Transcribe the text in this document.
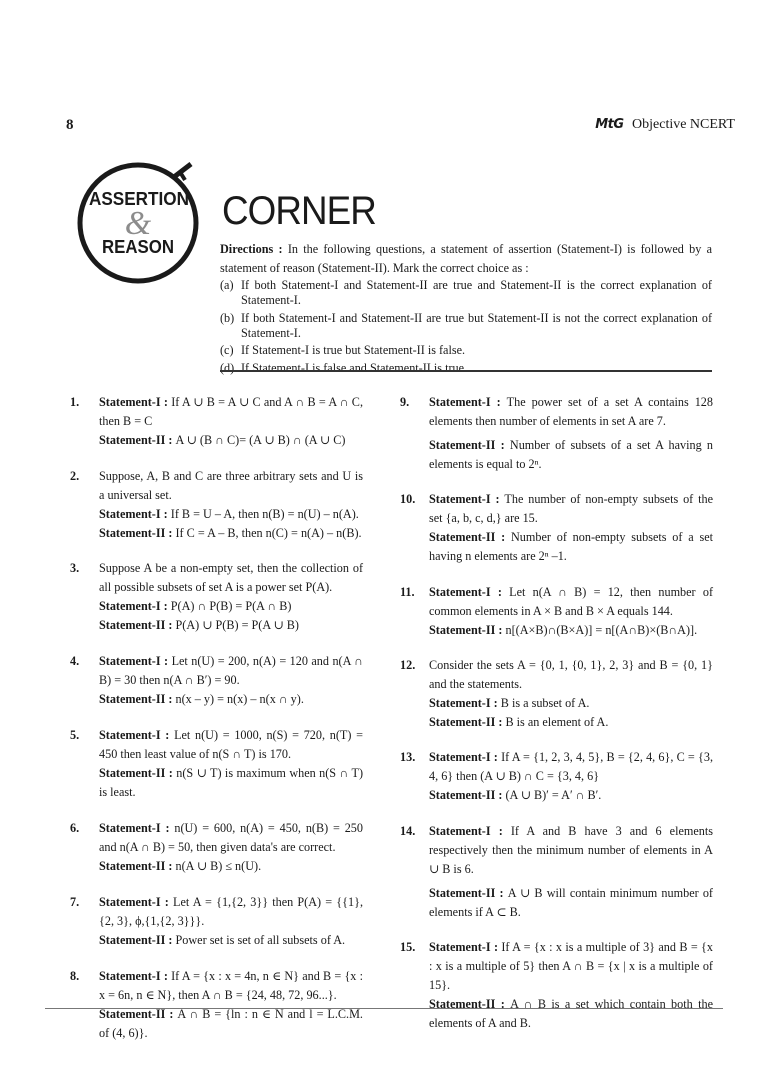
8	MtG Objective NCERT
ASSERTION
&
REASON
CORNER
Directions : In the following questions, a statement of assertion (Statement-I) is followed by a statement of reason (Statement-II). Mark the correct choice as :
(a) If both Statement-I and Statement-II are true and Statement-II is the correct explanation of Statement-I.
(b) If both Statement-I and Statement-II are true but Statement-II is not the correct explanation of Statement-I.
(c) If Statement-I is true but Statement-II is false.
(d) If Statement-I is false and Statement-II is true.
1.	Statement-I : If A ∪ B = A ∪ C and A ∩ B = A ∩ C, then B = C
Statement-II : A ∪ (B ∩ C)= (A ∪ B) ∩ (A ∪ C)
2.	Suppose, A, B and C are three arbitrary sets and U is a universal set.
Statement-I : If B = U – A, then n(B) = n(U) – n(A).
Statement-II : If C = A – B, then n(C) = n(A) – n(B).
3.	Suppose A be a non-empty set, then the collection of all possible subsets of set A is a power set P(A).
Statement-I : P(A) ∩ P(B) = P(A ∩ B)
Statement-II : P(A) ∪ P(B) = P(A ∪ B)
4.	Statement-I : Let n(U) = 200, n(A) = 120 and n(A ∩ B) = 30 then n(A ∩ B′) = 90.
Statement-II : n(x – y) = n(x) – n(x ∩ y).
5.	Statement-I : Let n(U) = 1000, n(S) = 720, n(T) = 450 then least value of n(S ∩ T) is 170.
Statement-II : n(S ∪ T) is maximum when n(S ∩ T) is least.
6.	Statement-I : n(U) = 600, n(A) = 450, n(B) = 250 and n(A ∩ B) = 50, then given data's are correct.
Statement-II : n(A ∪ B) ≤ n(U).
7.	Statement-I : Let A = {1,{2, 3}} then P(A) = {{1}, {2, 3}, ϕ,{1,{2, 3}}}.
Statement-II : Power set is set of all subsets of A.
8.	Statement-I : If A = {x : x = 4n, n ∈ N} and B = {x : x = 6n, n ∈ N}, then A ∩ B = {24, 48, 72, 96...}.
Statement-II : A ∩ B = {ln : n ∈ N and l = L.C.M. of (4, 6)}.
9.	Statement-I : The power set of a set A contains 128 elements then number of elements in set A are 7.
Statement-II : Number of subsets of a set A having n elements is equal to 2ⁿ.
10.	Statement-I : The number of non-empty subsets of the set {a, b, c, d,} are 15.
Statement-II : Number of non-empty subsets of a set having n elements are 2ⁿ –1.
11.	Statement-I : Let n(A ∩ B) = 12, then number of common elements in A × B and B × A equals 144.
Statement-II : n[(A×B)∩(B×A)] = n[(A∩B)×(B∩A)].
12.	Consider the sets A = {0, 1, {0, 1}, 2, 3} and B = {0, 1} and the statements.
Statement-I : B is a subset of A.
Statement-II : B is an element of A.
13.	Statement-I : If A = {1, 2, 3, 4, 5}, B = {2, 4, 6}, C = {3, 4, 6} then (A ∪ B) ∩ C = {3, 4, 6}
Statement-II : (A ∪ B)′ = A′ ∩ B′.
14.	Statement-I : If A and B have 3 and 6 elements respectively then the minimum number of elements in A ∪ B is 6.
Statement-II : A ∪ B will contain minimum number of elements if A ⊂ B.
15.	Statement-I : If A = {x : x is a multiple of 3} and B = {x : x is a multiple of 5} then A ∩ B = {x | x is a multiple of 15}.
Statement-II : A ∩ B is a set which contain both the elements of A and B.
